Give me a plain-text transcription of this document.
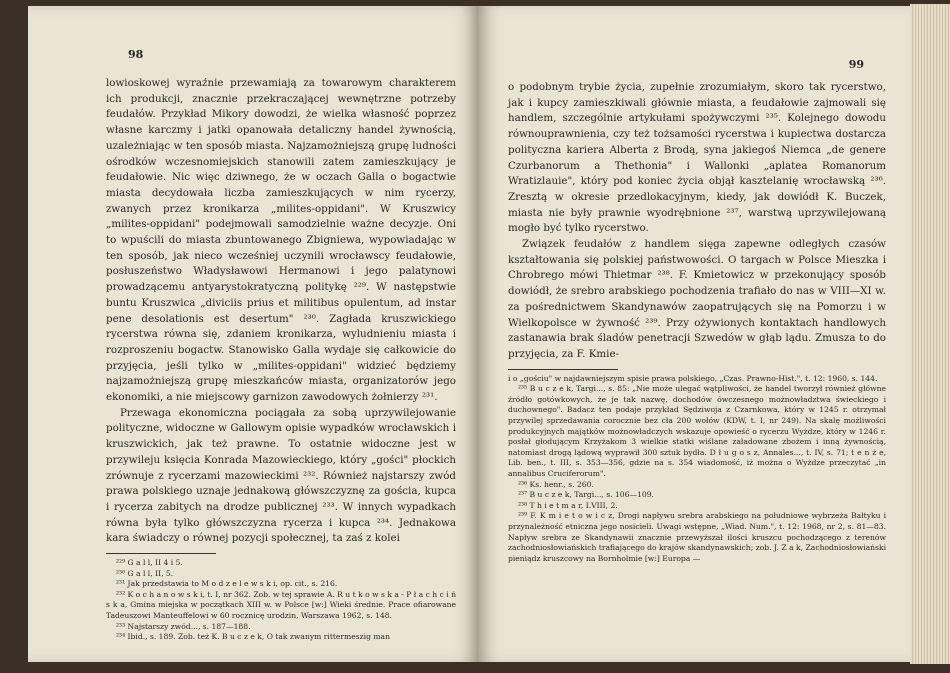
98

lowioskowej wyraźnie przewamiają za towarowym charakterem ich produkcji, znacznie przekraczającej wewnętrzne potrzeby feudałów. Przykład Mikory dowodzi, że wielka własność poprzez własne karczmy i jatki opanowała detaliczny handel żywnością, uzależniając w ten sposób miasta. Najzamożniejszą grupę ludności ośrodków wczesnomiejskich stanowili zatem zamieszkujący je feudałowie. Nic więc dziwnego, że w oczach Galla o bogactwie miasta decydowała liczba zamieszkujących w nim rycerzy, zwanych przez kronikarza „milites-oppidani". W Kruszwicy „milites-oppidani" podejmowali samodzielnie ważne decyzje. Oni to wpuścili do miasta zbuntowanego Zbigniewa, wypowiadając w ten sposób, jak nieco wcześniej uczynili wrocławscy feudałowie, posłuszeństwo Władysławowi Hermanowi i jego palatynowi prowadzącemu antyarystokratyczną politykę ²²⁹. W następstwie buntu Kruszwica „diviciis prius et militibus opulentum, ad instar pene desolationis est desertum" ²³⁰. Zagłada kruszwickiego rycerstwa równa się, zdaniem kronikarza, wyludnieniu miasta i rozproszeniu bogactw. Stanowisko Galla wydaje się całkowicie do przyjęcia, jeśli tylko w „milites-oppidani" widzieć będziemy najzamożniejszą grupę mieszkańców miasta, organizatorów jego ekonomiki, a nie miejscowy garnizon zawodowych żołnierzy ²³¹.

Przewaga ekonomiczna pociągała za sobą uprzywilejowanie polityczne, widoczne w Gallowym opisie wypadków wrocławskich i kruszwickich, jak też prawne. To ostatnie widoczne jest w przywileju księcia Konrada Mazowieckiego, który „gości" płockich zrównuje z rycerzami mazowieckimi ²³². Również najstarszy zwód prawa polskiego uznaje jednakową główszczyznę za gościa, kupca i rycerza zabitych na drodze publicznej ²³³. W innych wypadkach równa była tylko główszczyzna rycerza i kupca ²³⁴. Jednakowa kara świadczy o równej pozycji społecznej, ta zaś z kolei

²²⁹ G a l l, II 4 i 5.
²³⁰ G a l l, II, 5.
²³¹ Jak przedstawia to M o d z e l e w s k i, op. cit., s. 216.
²³² K o c h a n o w s k i, t. I, nr 362. Zob. w tej sprawie A. R u t k o w s k a - P ł a c h c i ń s k a, Gmina miejska w początkach XIII w. w Polsce [w:] Wieki średnie. Prace ofiarowane Tadeuszowi Manteuffelowi w 60 rocznicę urodzin, Warszawa 1962, s. 148.
²³³ Najstarszy zwód..., s. 187—188.
²³⁴ Ibid., s. 189. Zob. też K. B u c z e k, O tak zwanym rittermeszig man
99

o podobnym trybie życia, zupełnie zrozumiałym, skoro tak rycerstwo, jak i kupcy zamieszkiwali głównie miasta, a feudałowie zajmowali się handlem, szczególnie artykułami spożywczymi ²³⁵. Kolejnego dowodu równouprawnienia, czy też tożsamości rycerstwa i kupiectwa dostarcza polityczna kariera Alberta z Brodą, syna jakiegoś Niemca „de genere Czurbanorum a Thethonia" i Wallonki „aplatea Romanorum Wratizlauie", który pod koniec życia objął kasztelanię wrocławską ²³⁶. Zresztą w okresie przedlokacyjnym, kiedy, jak dowiódł K. Buczek, miasta nie były prawnie wyodrębnione ²³⁷, warstwą uprzywilejowaną mogło być tylko rycerstwo.

Związek feudałów z handlem sięga zapewne odległych czasów kształtowania się polskiej państwowości. O targach w Polsce Mieszka i Chrobrego mówi Thietmar ²³⁸. F. Kmietowicz w przekonujący sposób dowiódł, że srebro arabskiego pochodzenia trafiało do nas w VIII—XI w. za pośrednictwem Skandynawów zaopatrujących się na Pomorzu i w Wielkopolsce w żywność ²³⁹. Przy ożywionych kontaktach handlowych zastanawia brak śladów penetracji Szwedów w głąb lądu. Zmusza to do przyjęcia, za F. Kmie-

i o „gościu" w najdawniejszym spisie prawa polskiego, „Czas. Prawno-Hist.", t. 12: 1960, s. 144.
²³⁵ B u c z e k, Targi..., s. 85: „Nie może ulegać wątpliwości, że handel tworzył również główne źródło gotówkowych, że je tak nazwę, dochodów ówczesnego możnowładztwa świeckiego i duchownego". Badacz ten podaje przykład Sędziwoja z Czarnkowa, który w 1245 r. otrzymał przywilej sprzedawania corocznie bez cła 200 wołów (KDW, t. I, nr 249). Na skalę możliwości produkcyjnych majątków możnowładczych wskazuje opowieść o rycerzu Wyżdze, który w 1246 r. posłał głodującym Krzyżakom 3 wielkie statki wiślane załadowane zbożem i inną żywnością, natomiast drogą lądową wyprawił 300 sztuk bydła. D ł u g o s z, Annales..., t. IV, s. 71; t e n ż e, Lib. ben., t. III, s. 353—356, gdzie na s. 354 wiadomość, iż można o Wyżdze przeczytać „in annalibus Cruciferorum".
²³⁶ Ks. henr., s. 260.
²³⁷ B u c z e k, Targi..., s. 106—109.
²³⁸ T h i e t m a r, I.VIII, 2.
²³⁹ F. K m i e t o w i c z, Drogi napływu srebra arabskiego na południowe wybrzeża Bałtyku i przynależność etniczna jego nosicieli. Uwagi wstępne, „Wiad. Num.", t. 12: 1968, nr 2, s. 81—83. Napływ srebra ze Skandynawii znacznie przewyższał ilości kruszcu pochodzącego z terenów zachodniosłowiańskich trafiającego do krajów skandynawskich; zob. J. Z a k, Zachodniosłowiański pieniądz kruszcowy na Bornholmie [w:] Europa —
